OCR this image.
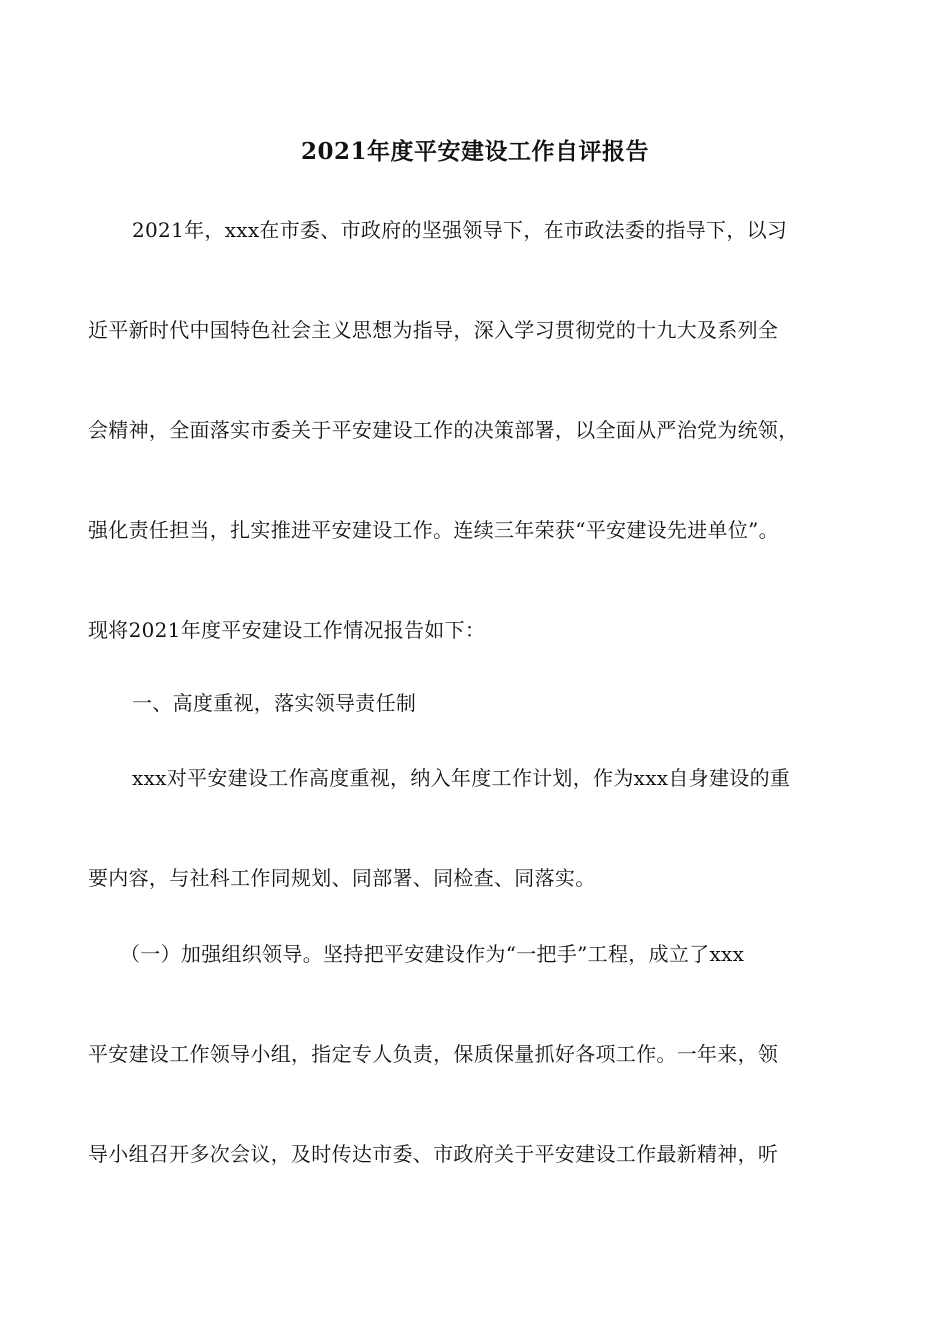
2021年度平安建设工作自评报告
2021年，xxx在市委、市政府的坚强领导下，在市政法委的指导下，以习
近平新时代中国特色社会主义思想为指导，深入学习贯彻党的十九大及系列全
会精神，全面落实市委关于平安建设工作的决策部署，以全面从严治党为统领，
强化责任担当，扎实推进平安建设工作。连续三年荣获“平安建设先进单位”。
现将2021年度平安建设工作情况报告如下：
一、高度重视，落实领导责任制
xxx对平安建设工作高度重视，纳入年度工作计划，作为xxx自身建设的重
要内容，与社科工作同规划、同部署、同检查、同落实。
（一）加强组织领导。坚持把平安建设作为“一把手”工程，成立了xxx
平安建设工作领导小组，指定专人负责，保质保量抓好各项工作。一年来，领
导小组召开多次会议，及时传达市委、市政府关于平安建设工作最新精神，听
